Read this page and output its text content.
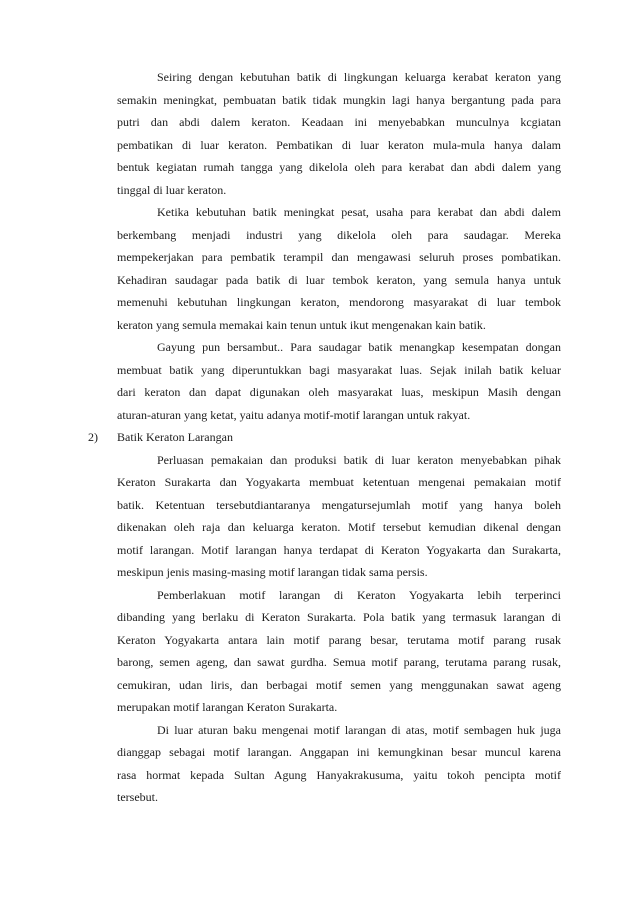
Seiring dengan kebutuhan batik di lingkungan keluarga kerabat keraton yang
semakin meningkat, pembuatan batik tidak mungkin lagi hanya bergantung pada para
putri dan abdi dalem keraton. Keadaan ini menyebabkan munculnya kcgiatan
pembatikan di luar keraton. Pembatikan di luar keraton mula-mula hanya dalam
bentuk kegiatan rumah tangga yang dikelola oleh para kerabat dan abdi dalem yang
tinggal di luar keraton.
Ketika kebutuhan batik meningkat pesat, usaha para kerabat dan abdi dalem
berkembang menjadi industri yang dikelola oleh para saudagar. Mereka
mempekerjakan para pembatik terampil dan mengawasi seluruh proses pombatikan.
Kehadiran saudagar pada batik di luar tembok keraton, yang semula hanya untuk
memenuhi kebutuhan lingkungan keraton, mendorong masyarakat di luar tembok
keraton yang semula memakai kain tenun untuk ikut mengenakan kain batik.
Gayung pun bersambut.. Para saudagar batik menangkap kesempatan dongan
membuat batik yang diperuntukkan bagi masyarakat luas. Sejak inilah batik keluar
dari keraton dan dapat digunakan oleh masyarakat luas, meskipun Masih dengan
aturan-aturan yang ketat, yaitu adanya motif-motif larangan untuk rakyat.
2) Batik Keraton Larangan
Perluasan pemakaian dan produksi batik di luar keraton menyebabkan pihak
Keraton Surakarta dan Yogyakarta membuat ketentuan mengenai pemakaian motif
batik. Ketentuan tersebutdiantaranya mengatursejumlah motif yang hanya boleh
dikenakan oleh raja dan keluarga keraton. Motif tersebut kemudian dikenal dengan
motif larangan. Motif larangan hanya terdapat di Keraton Yogyakarta dan Surakarta,
meskipun jenis masing-masing motif larangan tidak sama persis.
Pemberlakuan motif larangan di Keraton Yogyakarta lebih terperinci
dibanding yang berlaku di Keraton Surakarta. Pola batik yang termasuk larangan di
Keraton Yogyakarta antara lain motif parang besar, terutama motif parang rusak
barong, semen ageng, dan sawat gurdha. Semua motif parang, terutama parang rusak,
cemukiran, udan liris, dan berbagai motif semen yang menggunakan sawat ageng
merupakan motif larangan Keraton Surakarta.
Di luar aturan baku mengenai motif larangan di atas, motif sembagen huk juga
dianggap sebagai motif larangan. Anggapan ini kemungkinan besar muncul karena
rasa hormat kepada Sultan Agung Hanyakrakusuma, yaitu tokoh pencipta motif
tersebut.
